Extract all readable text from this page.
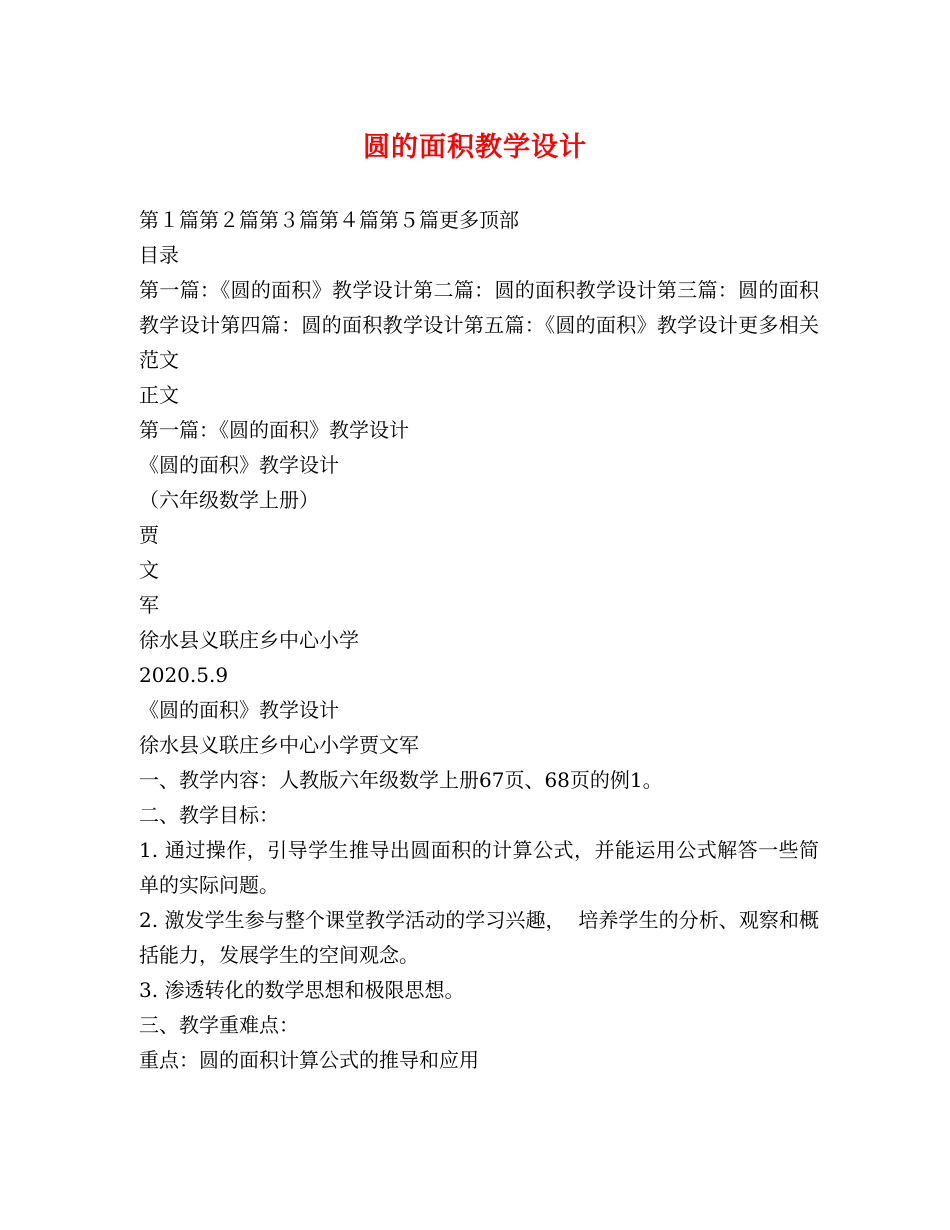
圆的面积教学设计

第１篇第２篇第３篇第４篇第５篇更多顶部

目录

第一篇：《圆的面积》教学设计第二篇：圆的面积教学设计第三篇：圆的面积教学设计第四篇：圆的面积教学设计第五篇：《圆的面积》教学设计更多相关范文

正文

第一篇：《圆的面积》教学设计

《圆的面积》教学设计

（六年级数学上册）

贾

文

军

徐水县义联庄乡中心小学

2020.5.9

《圆的面积》教学设计

徐水县义联庄乡中心小学贾文军

一、教学内容：人教版六年级数学上册67页、68页的例1。

二、教学目标：

1. 通过操作，引导学生推导出圆面积的计算公式，并能运用公式解答一些简单的实际问题。

2. 激发学生参与整个课堂教学活动的学习兴趣， 培养学生的分析、观察和概括能力，发展学生的空间观念。

3. 渗透转化的数学思想和极限思想。

三、教学重难点：

重点：圆的面积计算公式的推导和应用
